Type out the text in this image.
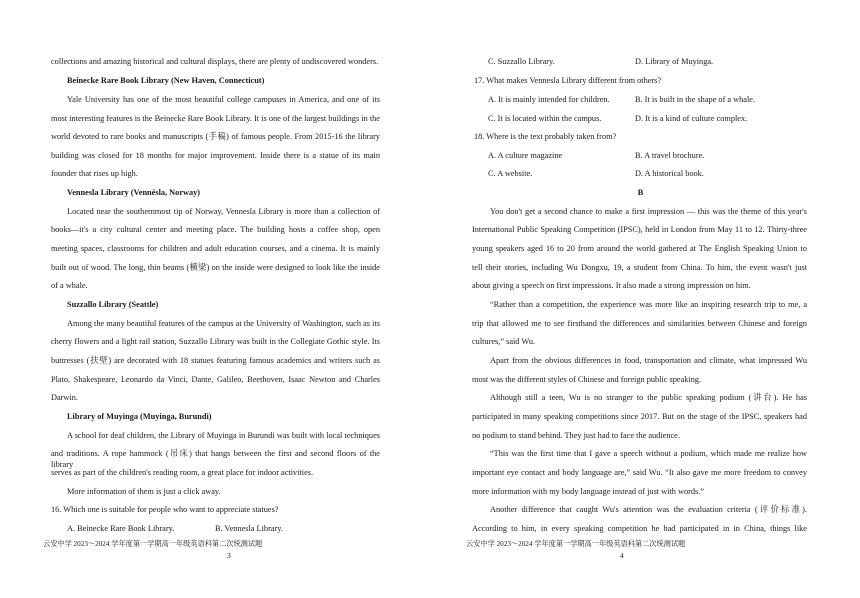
collections and amazing historical and cultural displays, there are plenty of undiscovered wonders.
Beinecke Rare Book Library (New Haven, Connecticut)
Yale University has one of the most beautiful college campuses in America, and one of its
most interesting features is the Beinecke Rare Book Library. It is one of the largest buildings in the
world devoted to rare books and manuscripts (手稿) of famous people. From 2015-16 the library
building was closed for 18 months for major improvement. Inside there is a statue of its main
founder that rises up high.
Vennesla Library (Vennésla, Norway)
Located near the southernmost tip of Norway, Vennesla Library is more than a collection of
books—it's a city cultural center and meeting place. The building hosts a coffee shop, open
meeting spaces, classrooms for children and adult education courses, and a cinema. It is mainly
built out of wood. The long, thin beams (横梁) on the inside were designed to look like the inside
of a whale.
Suzzallo Library (Seattle)
Among the many beautiful features of the campus at the University of Washington, such as its
cherry flowers and a light rail station, Suzzallo Library was built in the Collegiate Gothic style. Its
buttresses (扶壁) are decorated with 18 statues featuring famous academics and writers such as
Plato, Shakespeare, Leonardo da Vinci, Dante, Galileo, Beethoven, Isaac Newton and Charles
Darwin.
Library of Muyinga (Muyinga, Burundi)
A school for deaf children, the Library of Muyinga in Burundi was built with local techniques
and traditions. A rope hammock (吊床) that hangs between the first and second floors of the library
serves as part of the children's reading room, a great place for indoor activities.
More information of them is just a click away.
16. Which one is suitable for people who want to appreciate statues?
A. Beinecke Rare Book Library.	B. Vennesla Library.
云安中学 2023～2024 学年度第一学期高一年级英语科第二次统测试题
3
C. Suzzallo Library.	D. Library of Muyinga.
17. What makes Vennesla Library different from others?
A. It is mainly intended for children.	B. It is built in the shape of a whale.
C. It is located within the campus.	D. It is a kind of culture complex.
18. Where is the text probably taken from?
A. A culture magazine	B. A travel brochure.
C. A website.	D. A historical book.
B
You don't get a second chance to make a first impression — this was the theme of this year's
International Public Speaking Competition (IPSC), held in London from May 11 to 12. Thirty-three
young speakers aged 16 to 20 from around the world gathered at The English Speaking Union to
tell their stories, including Wu Dongxu, 19, a student from China. To him, the event wasn't just
about giving a speech on first impressions. It also made a strong impression on him.
“Rather than a competition, the experience was more like an inspiring research trip to me, a
trip that allowed me to see firsthand the differences and similarities between Chinese and foreign
cultures,” said Wu.
Apart from the obvious differences in food, transportation and climate, what impressed Wu
most was the different styles of Chinese and foreign public speaking.
Although still a teen, Wu is no stranger to the public speaking podium (讲台). He has
participated in many speaking competitions since 2017. But on the stage of the IPSC, speakers had
no podium to stand behind. They just had to face the audience.
“This was the first time that I gave a speech without a podium, which made me realize how
important eye contact and body language are,” said Wu. “It also gave me more freedom to convey
more information with my body language instead of just with words.”
Another difference that caught Wu's attention was the evaluation criteria (评价标准).
According to him, in every speaking competition he had participated in in China, things like
云安中学 2023～2024 学年度第一学期高一年级英语科第二次统测试题
4
